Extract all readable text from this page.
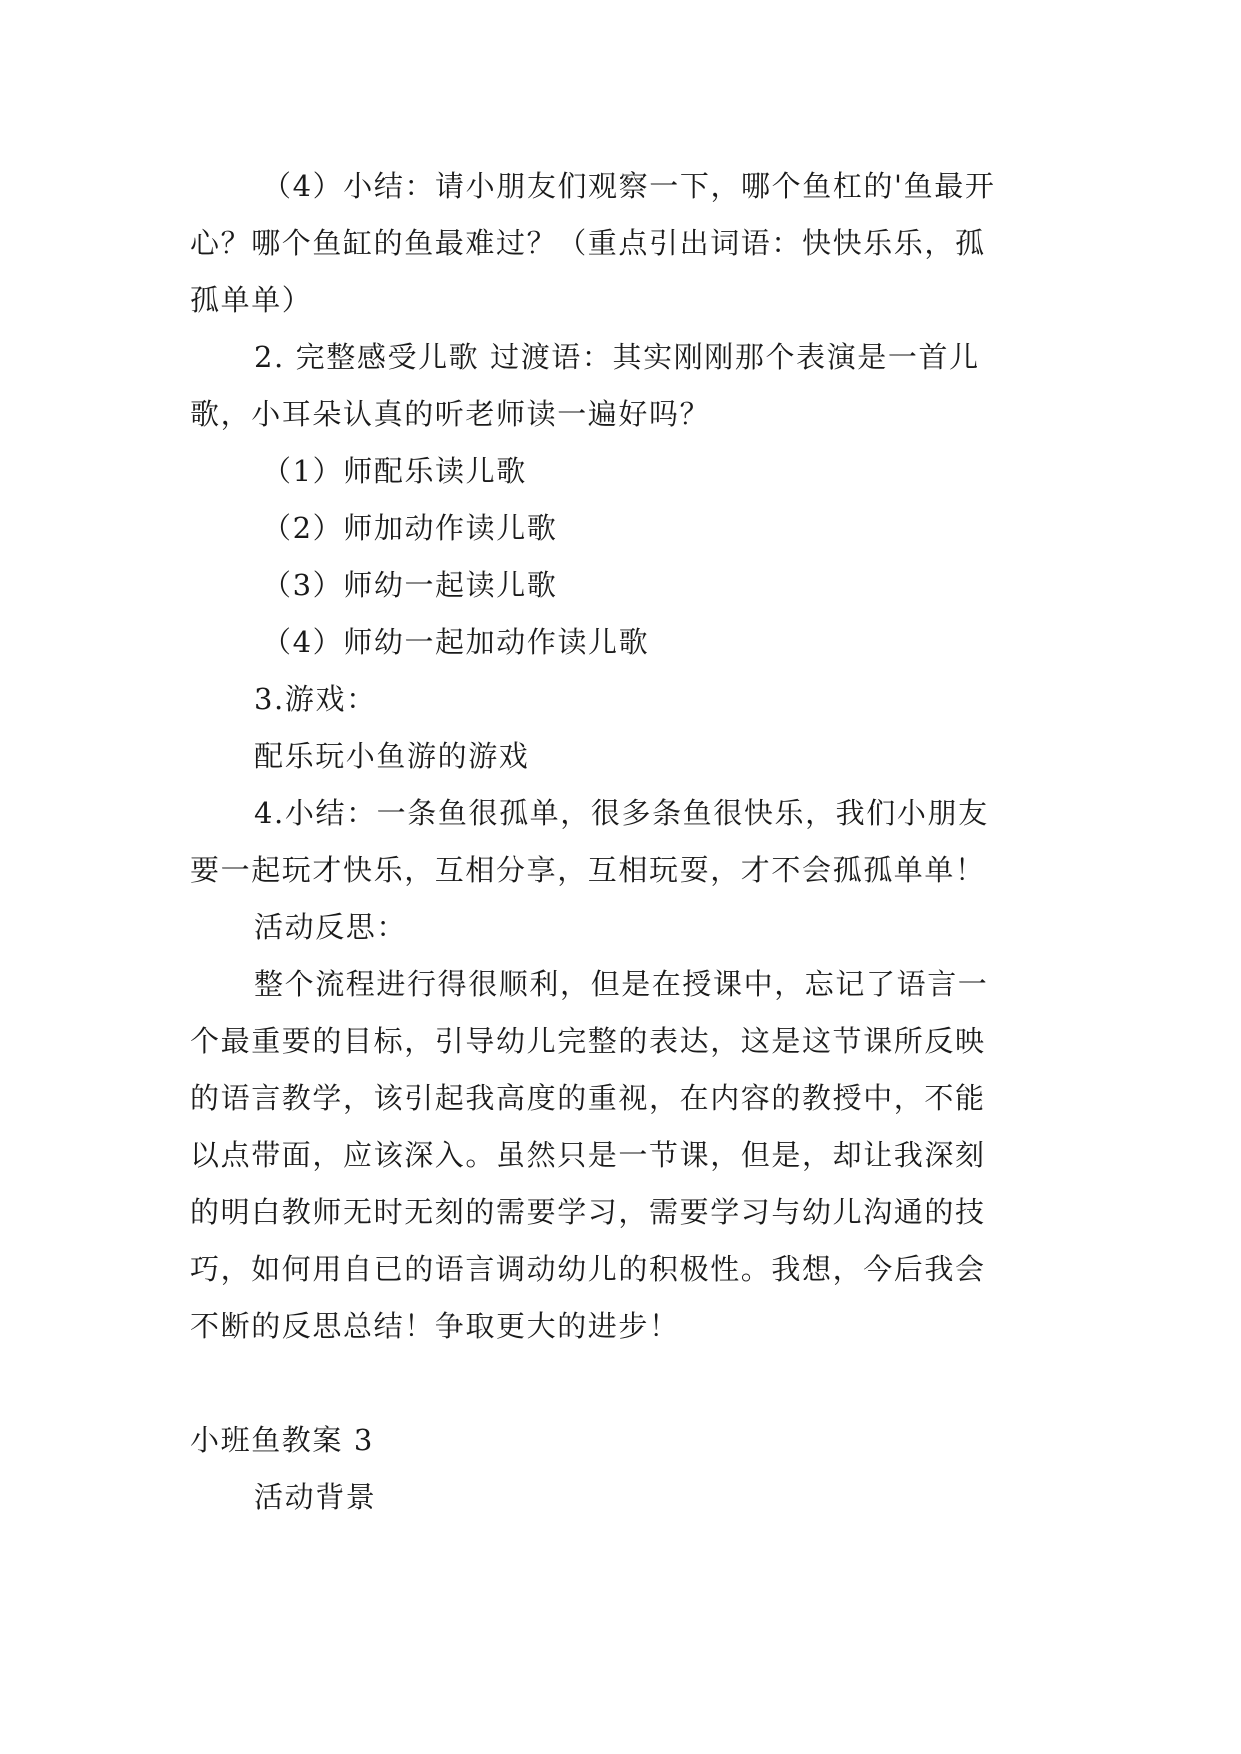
（4）小结：请小朋友们观察一下，哪个鱼杠的'鱼最开
心？哪个鱼缸的鱼最难过？（重点引出词语：快快乐乐，孤
孤单单）
2. 完整感受儿歌 过渡语：其实刚刚那个表演是一首儿
歌，小耳朵认真的听老师读一遍好吗？
（1）师配乐读儿歌
（2）师加动作读儿歌
（3）师幼一起读儿歌
（4）师幼一起加动作读儿歌
3.游戏：
配乐玩小鱼游的游戏
4.小结：一条鱼很孤单，很多条鱼很快乐，我们小朋友
要一起玩才快乐，互相分享，互相玩耍，才不会孤孤单单！
活动反思：
整个流程进行得很顺利，但是在授课中，忘记了语言一
个最重要的目标，引导幼儿完整的表达，这是这节课所反映
的语言教学，该引起我高度的重视，在内容的教授中，不能
以点带面，应该深入。虽然只是一节课，但是，却让我深刻
的明白教师无时无刻的需要学习，需要学习与幼儿沟通的技
巧，如何用自已的语言调动幼儿的积极性。我想，今后我会
不断的反思总结！争取更大的进步！
小班鱼教案 3
活动背景
